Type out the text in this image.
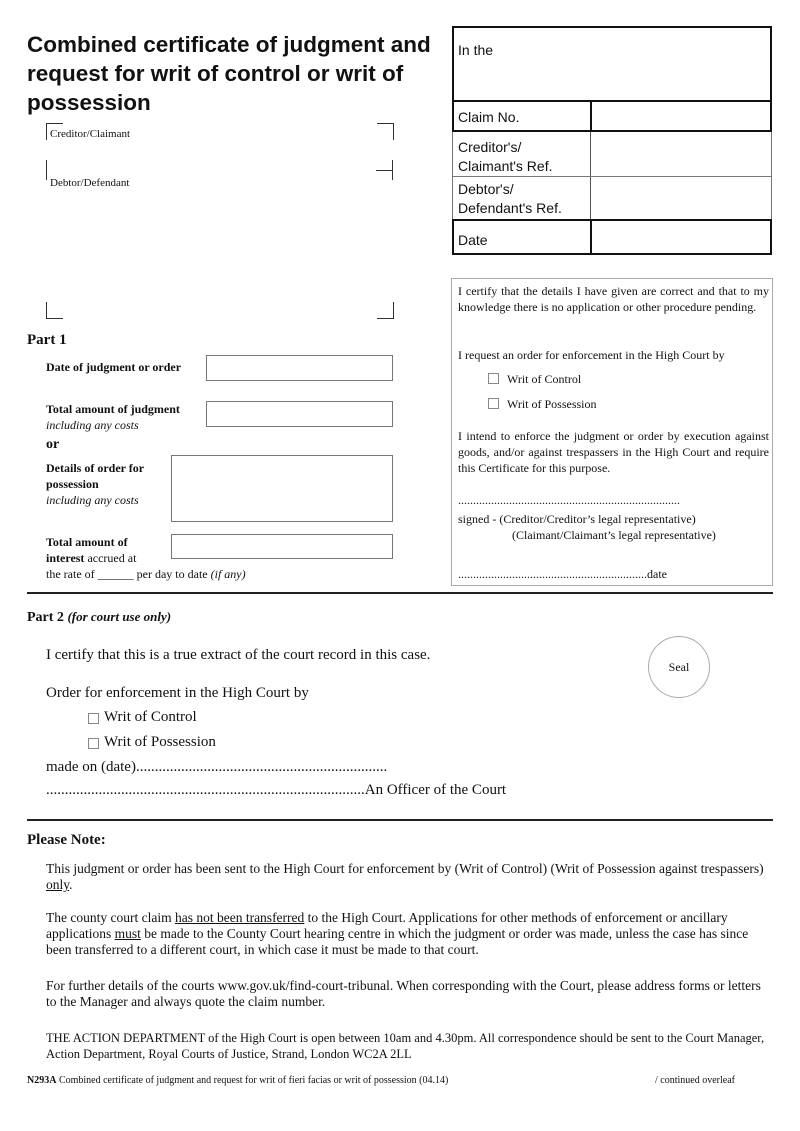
Combined certificate of judgment and request for writ of control or writ of possession
Creditor/Claimant
Debtor/Defendant
In the
Claim No.
Creditor's/ Claimant's Ref.
Debtor's/ Defendant's Ref.
Date
Part 1
Date of judgment or order
Total amount of judgment
including any costs
or
Details of order for possession
including any costs
Total amount of
interest accrued at
the rate of ______ per day to date (if any)
I certify that the details I have given are correct and that to my knowledge there is no application or other procedure pending.
I request an order for enforcement in the High Court by
Writ of Control
Writ of Possession
I intend to enforce the judgment or order by execution against goods, and/or against trespassers in the High Court and require this Certificate for this purpose.
..........................................................................
signed - (Creditor/Creditor’s legal representative)
(Claimant/Claimant’s legal representative)
...............................................................date
Part 2 (for court use only)
I certify that this is a true extract of the court record in this case.
Seal
Order for enforcement in the High Court by
Writ of Control
Writ of Possession
made on (date)...................................................................
.....................................................................................An Officer of the Court
Please Note:
This judgment or order has been sent to the High Court for enforcement by (Writ of Control) (Writ of Possession against trespassers) only.
The county court claim has not been transferred to the High Court. Applications for other methods of enforcement or ancillary applications must be made to the County Court hearing centre in which the judgment or order was made, unless the case has since been transferred to a different court, in which case it must be made to that court.
For further details of the courts www.gov.uk/find-court-tribunal. When corresponding with the Court, please address forms or letters to the Manager and always quote the claim number.
THE ACTION DEPARTMENT of the High Court is open between 10am and 4.30pm. All correspondence should be sent to the Court Manager, Action Department, Royal Courts of Justice, Strand, London WC2A 2LL
N293A Combined certificate of judgment and request for writ of fieri facias or writ of possession (04.14)	/ continued overleaf
